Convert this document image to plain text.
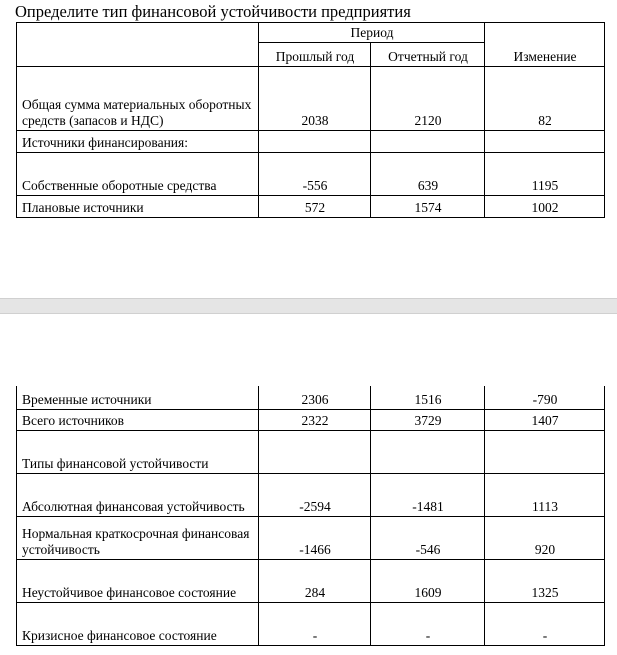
Определите тип финансовой устойчивости предприятия
	Период		Изменение
	Прошлый год	Отчетный год	
Общая сумма материальных оборотных средств (запасов и НДС)	2038	2120	82
Источники финансирования:			
Собственные оборотные средства	-556	639	1195
Плановые источники	572	1574	1002
Временные источники	2306	1516	-790
Всего источников	2322	3729	1407
Типы финансовой устойчивости			
Абсолютная финансовая устойчивость	-2594	-1481	1113
Нормальная краткосрочная финансовая устойчивость	-1466	-546	920
Неустойчивое финансовое состояние	284	1609	1325
Кризисное финансовое состояние	-	-	-
